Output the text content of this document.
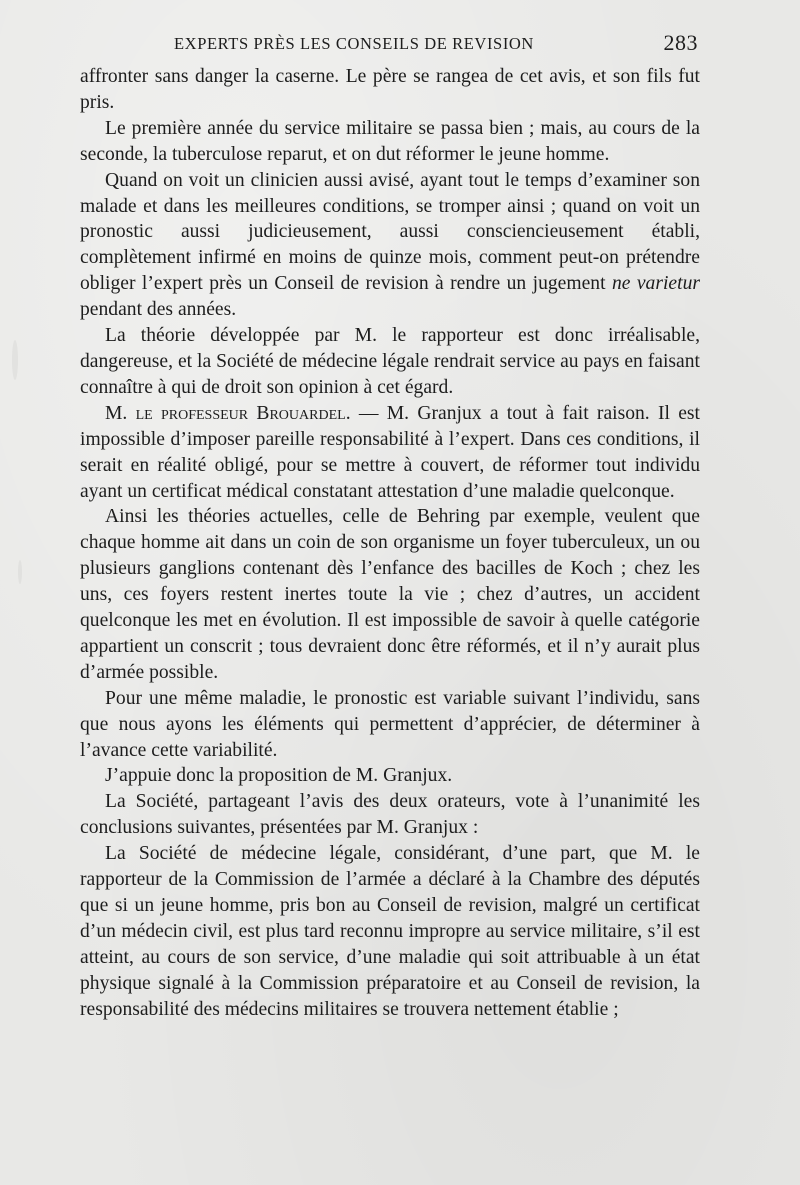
EXPERTS PRÈS LES CONSEILS DE REVISION	283

affronter sans danger la caserne. Le père se rangea de cet avis, et son fils fut pris.

Le première année du service militaire se passa bien ; mais, au cours de la seconde, la tuberculose reparut, et on dut réformer le jeune homme.

Quand on voit un clinicien aussi avisé, ayant tout le temps d’examiner son malade et dans les meilleures conditions, se tromper ainsi ; quand on voit un pronostic aussi judicieusement, aussi consciencieusement établi, complètement infirmé en moins de quinze mois, comment peut-on prétendre obliger l’expert près un Conseil de revision à rendre un jugement ne varietur pendant des années.

La théorie développée par M. le rapporteur est donc irréalisable, dangereuse, et la Société de médecine légale rendrait service au pays en faisant connaître à qui de droit son opinion à cet égard.

M. le professeur Brouardel. — M. Granjux a tout à fait raison. Il est impossible d’imposer pareille responsabilité à l’expert. Dans ces conditions, il serait en réalité obligé, pour se mettre à couvert, de réformer tout individu ayant un certificat médical constatant attestation d’une maladie quelconque.

Ainsi les théories actuelles, celle de Behring par exemple, veulent que chaque homme ait dans un coin de son organisme un foyer tuberculeux, un ou plusieurs ganglions contenant dès l’enfance des bacilles de Koch ; chez les uns, ces foyers restent inertes toute la vie ; chez d’autres, un accident quelconque les met en évolution. Il est impossible de savoir à quelle catégorie appartient un conscrit ; tous devraient donc être réformés, et il n’y aurait plus d’armée possible.

Pour une même maladie, le pronostic est variable suivant l’individu, sans que nous ayons les éléments qui permettent d’apprécier, de déterminer à l’avance cette variabilité.

J’appuie donc la proposition de M. Granjux.

La Société, partageant l’avis des deux orateurs, vote à l’unanimité les conclusions suivantes, présentées par M. Granjux :

La Société de médecine légale, considérant, d’une part, que M. le rapporteur de la Commission de l’armée a déclaré à la Chambre des députés que si un jeune homme, pris bon au Conseil de revision, malgré un certificat d’un médecin civil, est plus tard reconnu impropre au service militaire, s’il est atteint, au cours de son service, d’une maladie qui soit attribuable à un état physique signalé à la Commission préparatoire et au Conseil de revision, la responsabilité des médecins militaires se trouvera nettement établie ;
